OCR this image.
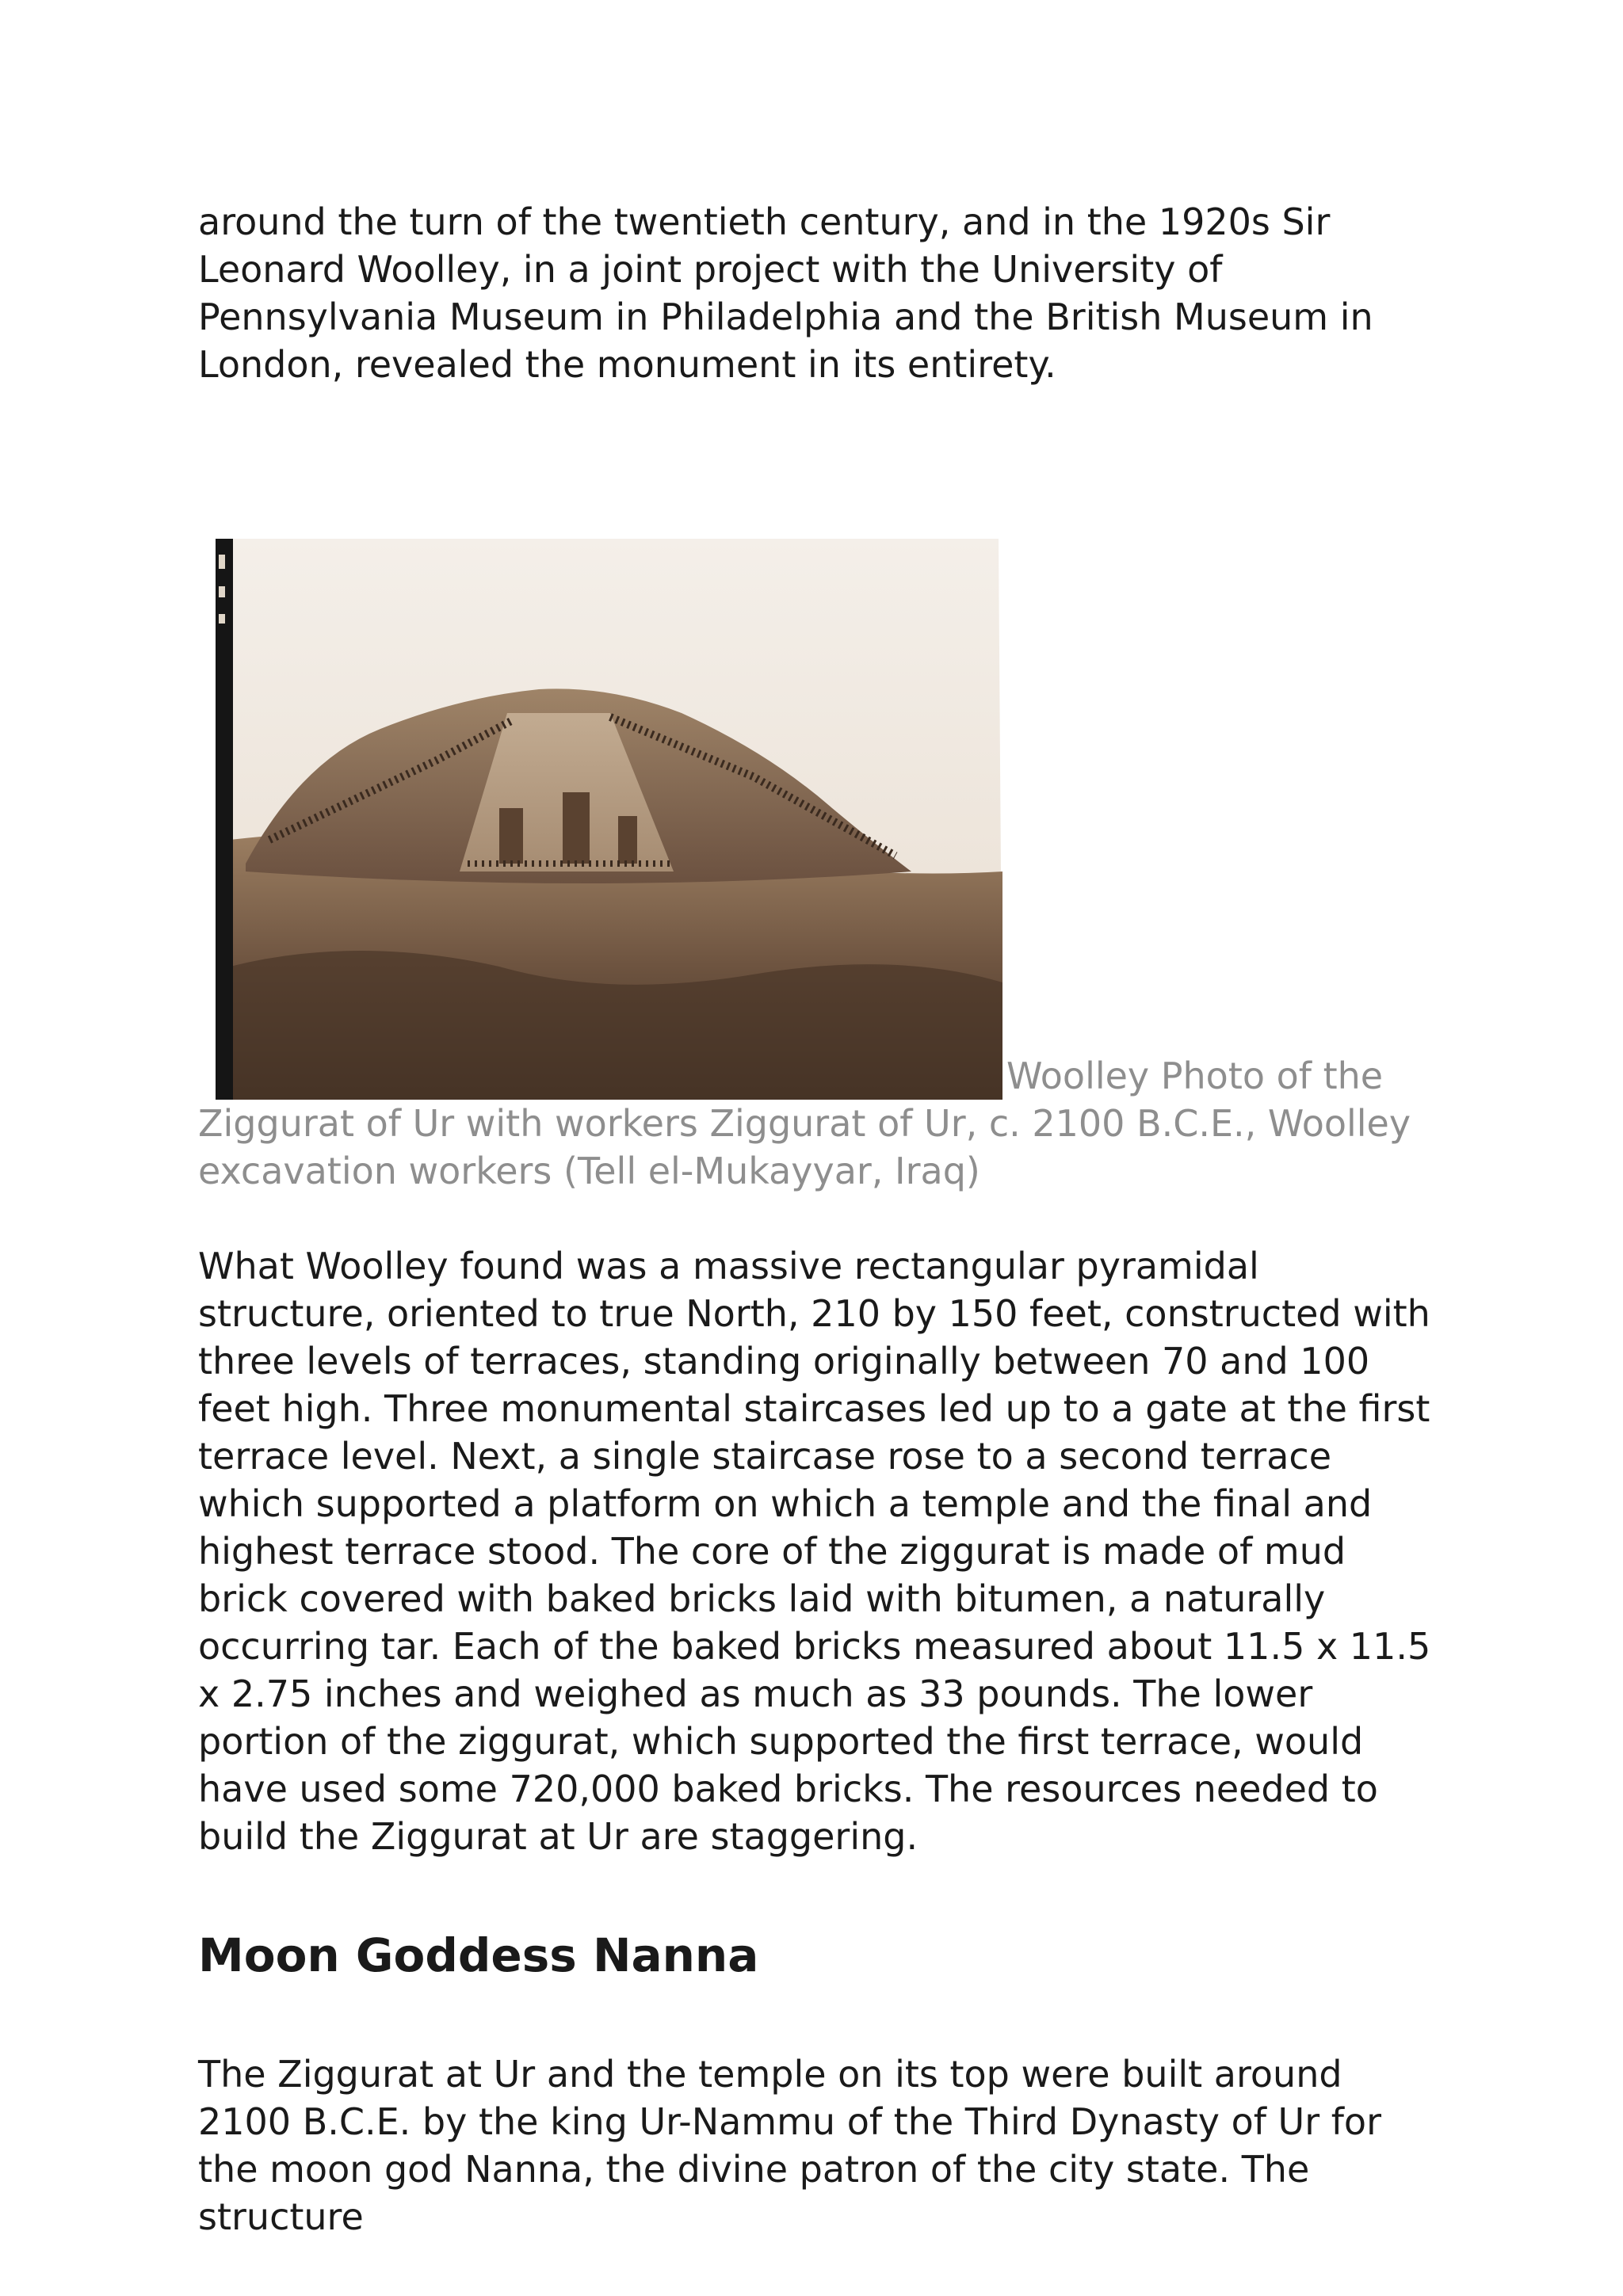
around the turn of the twentieth century, and in the 1920s Sir Leonard Woolley, in a joint project with the University of Pennsylvania Museum in Philadelphia and the British Museum in London, revealed the monument in its entirety.

Woolley Photo of the Ziggurat of Ur with workers Ziggurat of Ur, c. 2100 B.C.E., Woolley excavation workers (Tell el-Mukayyar, Iraq)

What Woolley found was a massive rectangular pyramidal structure, oriented to true North, 210 by 150 feet, constructed with three levels of terraces, standing originally between 70 and 100 feet high. Three monumental staircases led up to a gate at the first terrace level. Next, a single staircase rose to a second terrace which supported a platform on which a temple and the final and highest terrace stood. The core of the ziggurat is made of mud brick covered with baked bricks laid with bitumen, a naturally occurring tar. Each of the baked bricks measured about 11.5 x 11.5 x 2.75 inches and weighed as much as 33 pounds. The lower portion of the ziggurat, which supported the first terrace, would have used some 720,000 baked bricks. The resources needed to build the Ziggurat at Ur are staggering.

Moon Goddess Nanna

The Ziggurat at Ur and the temple on its top were built around 2100 B.C.E. by the king Ur-Nammu of the Third Dynasty of Ur for the moon god Nanna, the divine patron of the city state. The structure
